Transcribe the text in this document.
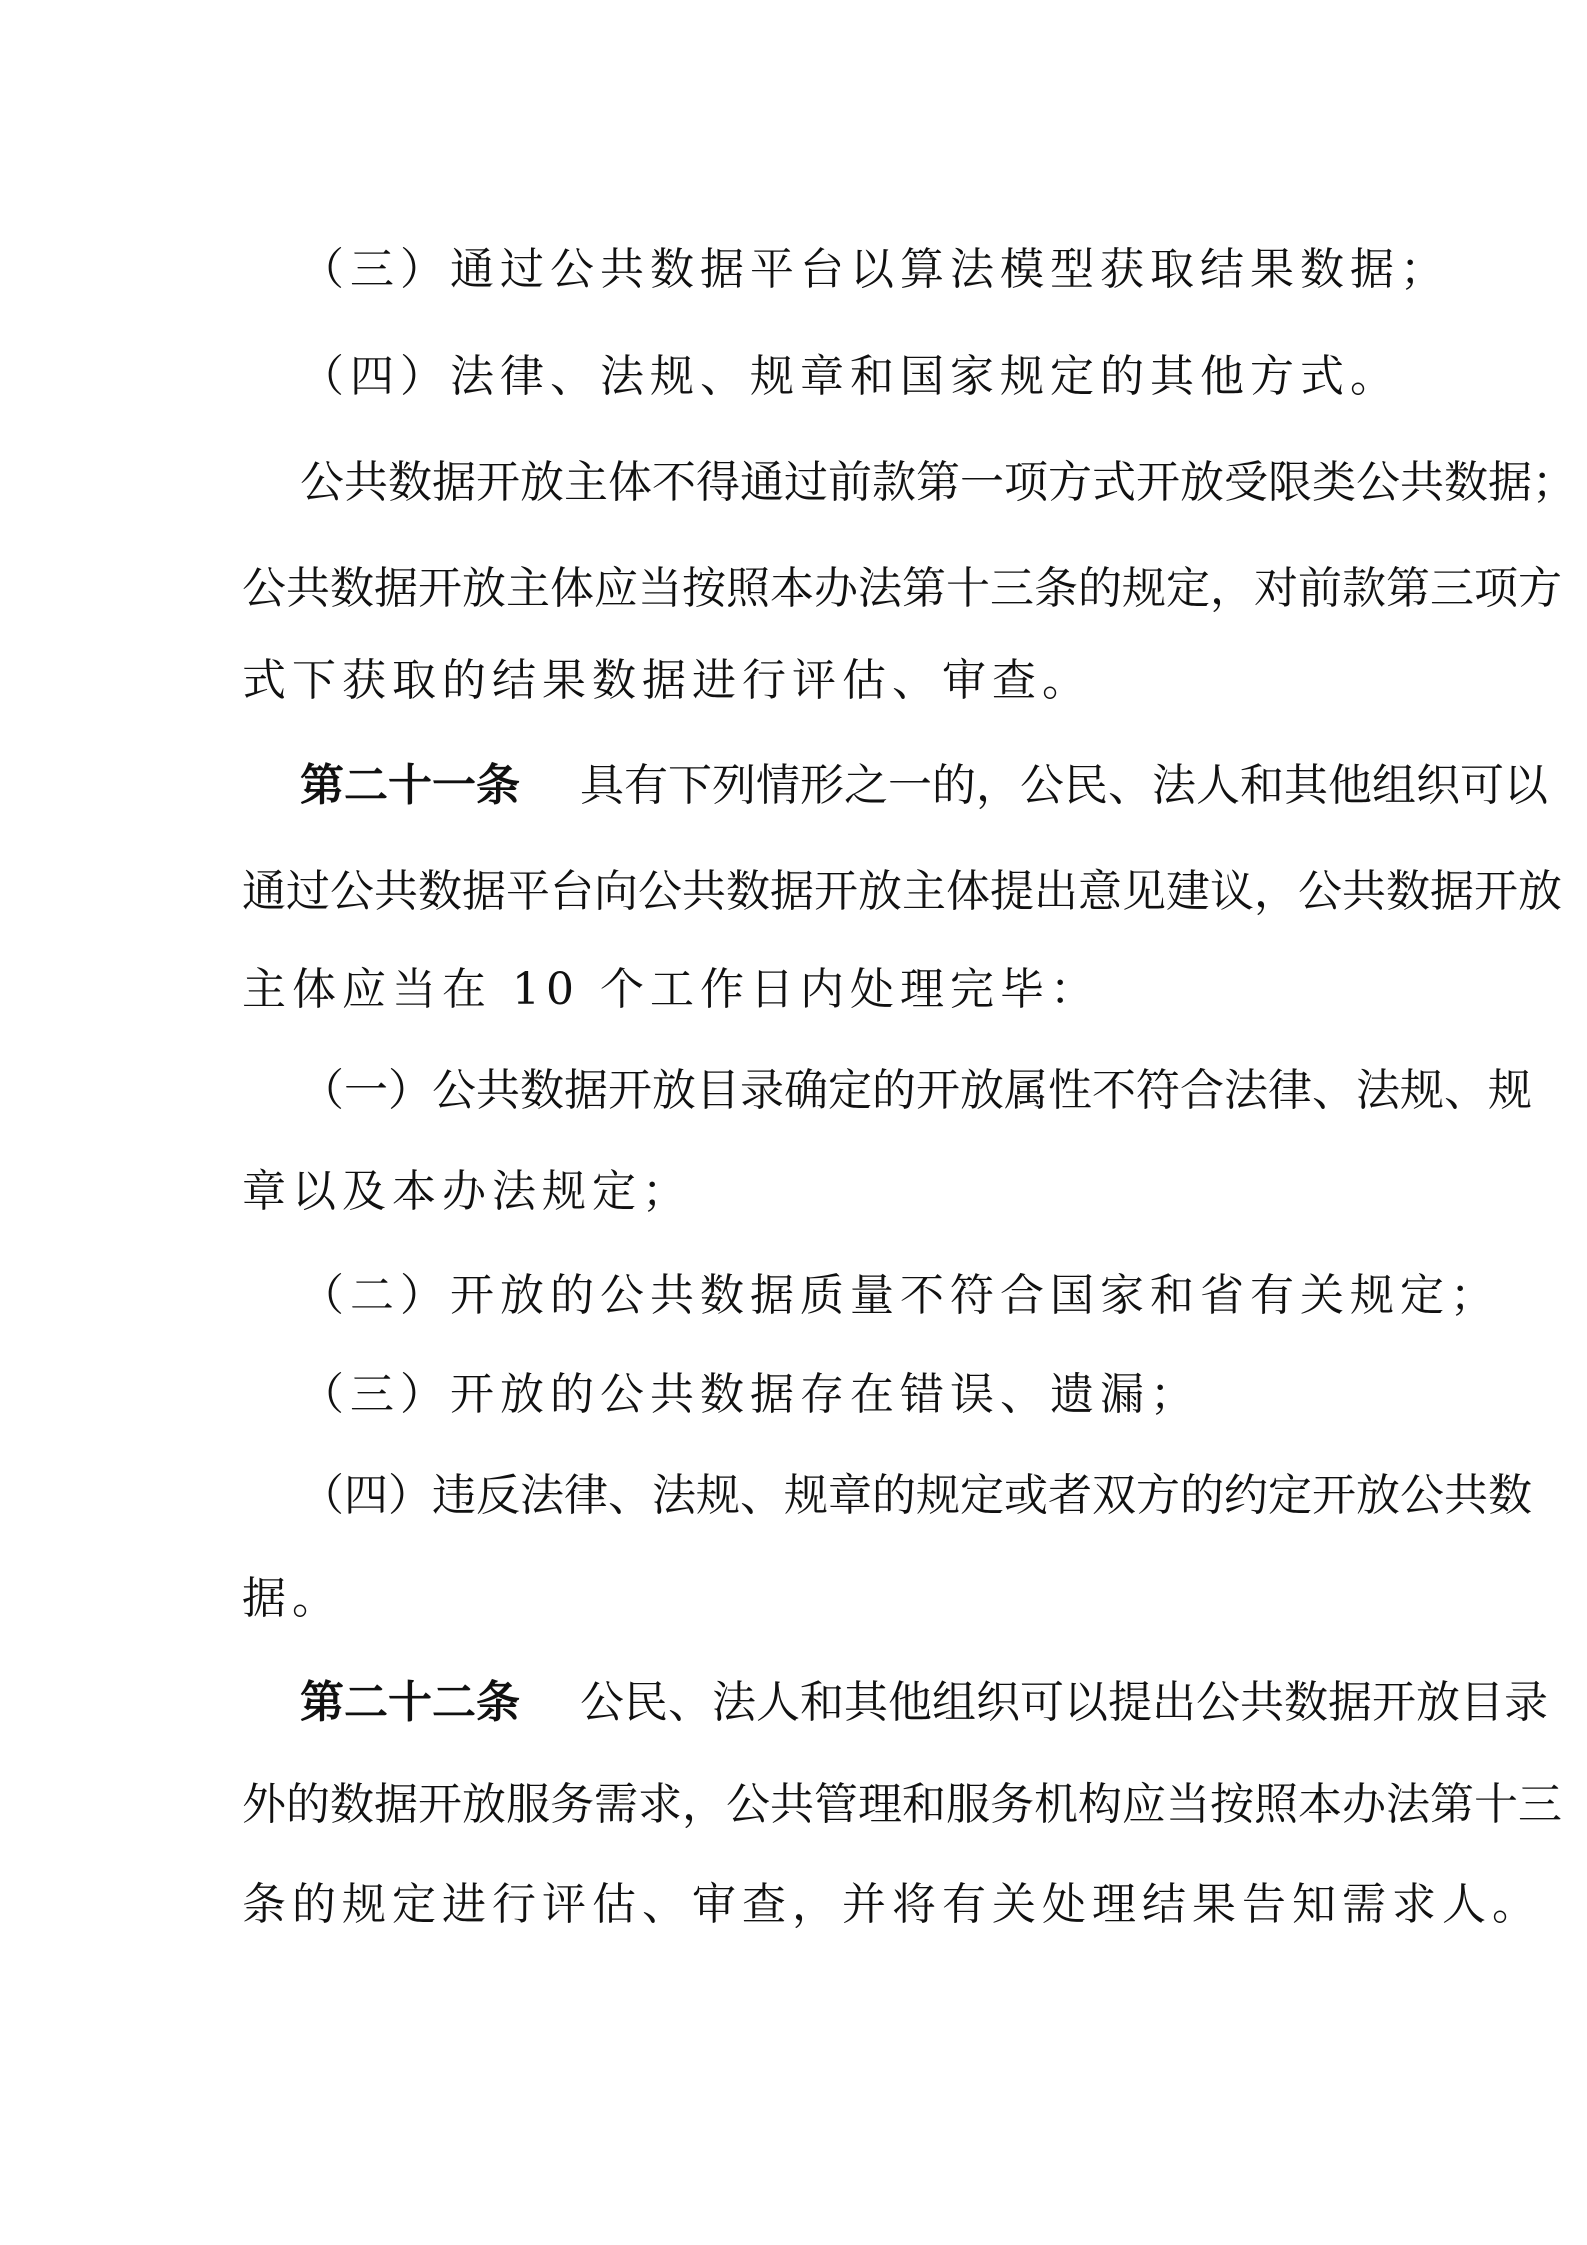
（三）通过公共数据平台以算法模型获取结果数据；
（四）法律、法规、规章和国家规定的其他方式。
公共数据开放主体不得通过前款第一项方式开放受限类公共数据；
公共数据开放主体应当按照本办法第十三条的规定，对前款第三项方
式下获取的结果数据进行评估、审查。
第二十一条 具有下列情形之一的，公民、法人和其他组织可以
通过公共数据平台向公共数据开放主体提出意见建议，公共数据开放
主体应当在 10 个工作日内处理完毕：
（一）公共数据开放目录确定的开放属性不符合法律、法规、规
章以及本办法规定；
（二）开放的公共数据质量不符合国家和省有关规定；
（三）开放的公共数据存在错误、遗漏；
（四）违反法律、法规、规章的规定或者双方的约定开放公共数
据。
第二十二条 公民、法人和其他组织可以提出公共数据开放目录
外的数据开放服务需求，公共管理和服务机构应当按照本办法第十三
条的规定进行评估、审查，并将有关处理结果告知需求人。
